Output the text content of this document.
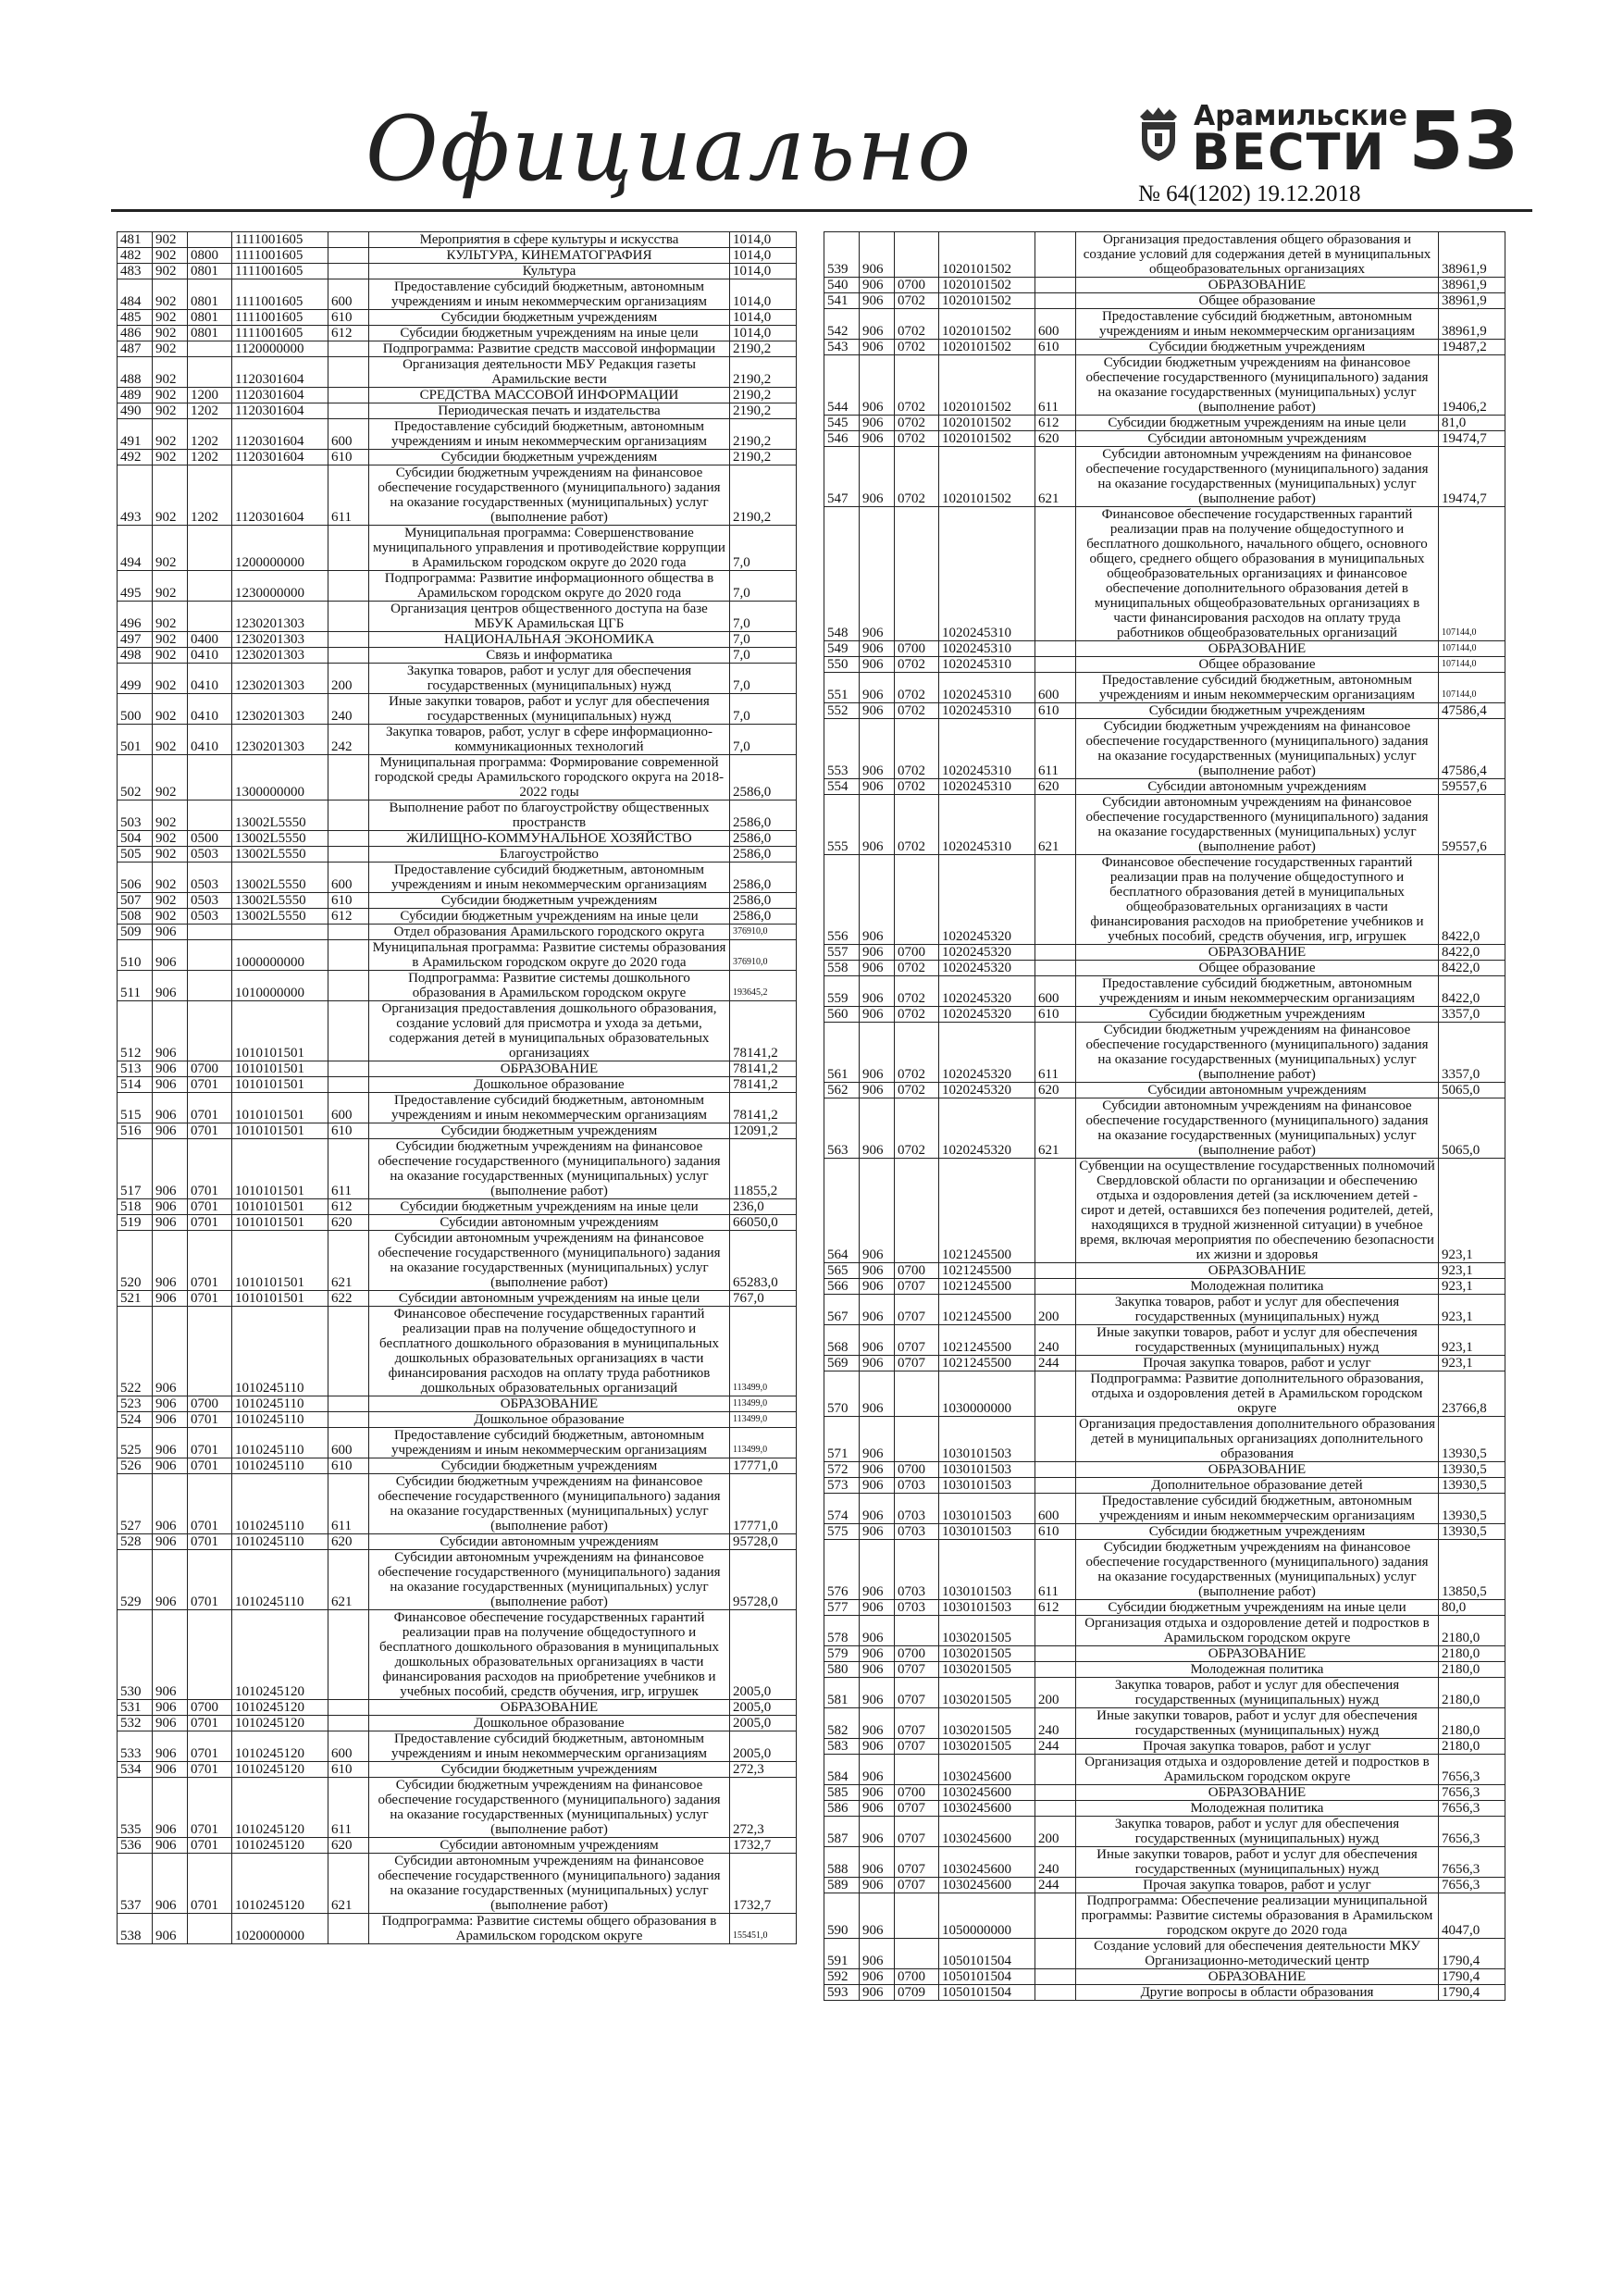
Официально	Арамильские
ВЕСТИ
№ 64(1202) 19.12.2018
53
481	902		1111001605		Мероприятия в сфере культуры и искусства	1014,0
482	902	0800	1111001605		КУЛЬТУРА, КИНЕМАТОГРАФИЯ	1014,0
483	902	0801	1111001605		Культура	1014,0
484	902	0801	1111001605	600	Предоставление субсидий бюджетным, автономным учреждениям и иным некоммерческим организациям	1014,0
485	902	0801	1111001605	610	Субсидии бюджетным учреждениям	1014,0
486	902	0801	1111001605	612	Субсидии бюджетным учреждениям на иные цели	1014,0
487	902		1120000000		Подпрограмма: Развитие средств массовой информации	2190,2
488	902		1120301604		Организация деятельности МБУ Редакция газеты Арамильские вести	2190,2
489	902	1200	1120301604		СРЕДСТВА МАССОВОЙ ИНФОРМАЦИИ	2190,2
490	902	1202	1120301604		Периодическая печать и издательства	2190,2
491	902	1202	1120301604	600	Предоставление субсидий бюджетным, автономным учреждениям и иным некоммерческим организациям	2190,2
492	902	1202	1120301604	610	Субсидии бюджетным учреждениям	2190,2
493	902	1202	1120301604	611	Субсидии бюджетным учреждениям на финансовое обеспечение государственного (муниципального) задания на оказание государственных (муниципальных) услуг (выполнение работ)	2190,2
494	902		1200000000		Муниципальная программа: Совершенствование муниципального управления и противодействие коррупции в Арамильском городском округе до 2020 года	7,0
495	902		1230000000		Подпрограмма: Развитие информационного общества в Арамильском городском округе до 2020 года	7,0
496	902		1230201303		Организация центров общественного доступа на базе МБУК Арамильская ЦГБ	7,0
497	902	0400	1230201303		НАЦИОНАЛЬНАЯ ЭКОНОМИКА	7,0
498	902	0410	1230201303		Связь и информатика	7,0
499	902	0410	1230201303	200	Закупка товаров, работ и услуг для обеспечения государственных (муниципальных) нужд	7,0
500	902	0410	1230201303	240	Иные закупки товаров, работ и услуг для обеспечения государственных (муниципальных) нужд	7,0
501	902	0410	1230201303	242	Закупка товаров, работ, услуг в сфере информационно-коммуникационных технологий	7,0
502	902		1300000000		Муниципальная программа: Формирование современной городской среды Арамильского городского округа на 2018-2022 годы	2586,0
503	902		13002L5550		Выполнение работ по благоустройству общественных пространств	2586,0
504	902	0500	13002L5550		ЖИЛИЩНО-КОММУНАЛЬНОЕ ХОЗЯЙСТВО	2586,0
505	902	0503	13002L5550		Благоустройство	2586,0
506	902	0503	13002L5550	600	Предоставление субсидий бюджетным, автономным учреждениям и иным некоммерческим организациям	2586,0
507	902	0503	13002L5550	610	Субсидии бюджетным учреждениям	2586,0
508	902	0503	13002L5550	612	Субсидии бюджетным учреждениям на иные цели	2586,0
509	906				Отдел образования Арамильского городского округа	376910,0
510	906		1000000000		Муниципальная программа: Развитие системы образования в Арамильском городском округе до 2020 года	376910,0
511	906		1010000000		Подпрограмма: Развитие системы дошкольного образования в Арамильском городском округе	193645,2
512	906		1010101501		Организация предоставления дошкольного образования, создание условий для присмотра и ухода за детьми, содержания детей в муниципальных образовательных организациях	78141,2
513	906	0700	1010101501		ОБРАЗОВАНИЕ	78141,2
514	906	0701	1010101501		Дошкольное образование	78141,2
515	906	0701	1010101501	600	Предоставление субсидий бюджетным, автономным учреждениям и иным некоммерческим организациям	78141,2
516	906	0701	1010101501	610	Субсидии бюджетным учреждениям	12091,2
517	906	0701	1010101501	611	Субсидии бюджетным учреждениям на финансовое обеспечение государственного (муниципального) задания на оказание государственных (муниципальных) услуг (выполнение работ)	11855,2
518	906	0701	1010101501	612	Субсидии бюджетным учреждениям на иные цели	236,0
519	906	0701	1010101501	620	Субсидии автономным учреждениям	66050,0
520	906	0701	1010101501	621	Субсидии автономным учреждениям на финансовое обеспечение государственного (муниципального) задания на оказание государственных (муниципальных) услуг (выполнение работ)	65283,0
521	906	0701	1010101501	622	Субсидии автономным учреждениям на иные цели	767,0
522	906		1010245110		Финансовое обеспечение государственных гарантий реализации прав на получение общедоступного и бесплатного дошкольного образования в муниципальных дошкольных образовательных организациях в части финансирования расходов на оплату труда работников дошкольных образовательных организаций	113499,0
523	906	0700	1010245110		ОБРАЗОВАНИЕ	113499,0
524	906	0701	1010245110		Дошкольное образование	113499,0
525	906	0701	1010245110	600	Предоставление субсидий бюджетным, автономным учреждениям и иным некоммерческим организациям	113499,0
526	906	0701	1010245110	610	Субсидии бюджетным учреждениям	17771,0
527	906	0701	1010245110	611	Субсидии бюджетным учреждениям на финансовое обеспечение государственного (муниципального) задания на оказание государственных (муниципальных) услуг (выполнение работ)	17771,0
528	906	0701	1010245110	620	Субсидии автономным учреждениям	95728,0
529	906	0701	1010245110	621	Субсидии автономным учреждениям на финансовое обеспечение государственного (муниципального) задания на оказание государственных (муниципальных) услуг (выполнение работ)	95728,0
530	906		1010245120		Финансовое обеспечение государственных гарантий реализации прав на получение общедоступного и бесплатного дошкольного образования в муниципальных дошкольных образовательных организациях в части финансирования расходов на приобретение учебников и учебных пособий, средств обучения, игр, игрушек	2005,0
531	906	0700	1010245120		ОБРАЗОВАНИЕ	2005,0
532	906	0701	1010245120		Дошкольное образование	2005,0
533	906	0701	1010245120	600	Предоставление субсидий бюджетным, автономным учреждениям и иным некоммерческим организациям	2005,0
534	906	0701	1010245120	610	Субсидии бюджетным учреждениям	272,3
535	906	0701	1010245120	611	Субсидии бюджетным учреждениям на финансовое обеспечение государственного (муниципального) задания на оказание государственных (муниципальных) услуг (выполнение работ)	272,3
536	906	0701	1010245120	620	Субсидии автономным учреждениям	1732,7
537	906	0701	1010245120	621	Субсидии автономным учреждениям на финансовое обеспечение государственного (муниципального) задания на оказание государственных (муниципальных) услуг (выполнение работ)	1732,7
538	906		1020000000		Подпрограмма: Развитие системы общего образования в Арамильском городском округе	155451,0
539	906		1020101502		Организация предоставления общего образования и создание условий для содержания детей в муниципальных общеобразовательных организациях	38961,9
540	906	0700	1020101502		ОБРАЗОВАНИЕ	38961,9
541	906	0702	1020101502		Общее образование	38961,9
542	906	0702	1020101502	600	Предоставление субсидий бюджетным, автономным учреждениям и иным некоммерческим организациям	38961,9
543	906	0702	1020101502	610	Субсидии бюджетным учреждениям	19487,2
544	906	0702	1020101502	611	Субсидии бюджетным учреждениям на финансовое обеспечение государственного (муниципального) задания на оказание государственных (муниципальных) услуг (выполнение работ)	19406,2
545	906	0702	1020101502	612	Субсидии бюджетным учреждениям на иные цели	81,0
546	906	0702	1020101502	620	Субсидии автономным учреждениям	19474,7
547	906	0702	1020101502	621	Субсидии автономным учреждениям на финансовое обеспечение государственного (муниципального) задания на оказание государственных (муниципальных) услуг (выполнение работ)	19474,7
548	906		1020245310		Финансовое обеспечение государственных гарантий реализации прав на получение общедоступного и бесплатного дошкольного, начального общего, основного общего, среднего общего образования в муниципальных общеобразовательных организациях и финансовое обеспечение дополнительного образования детей в муниципальных общеобразовательных организациях в части финансирования расходов на оплату труда работников общеобразовательных организаций	107144,0
549	906	0700	1020245310		ОБРАЗОВАНИЕ	107144,0
550	906	0702	1020245310		Общее образование	107144,0
551	906	0702	1020245310	600	Предоставление субсидий бюджетным, автономным учреждениям и иным некоммерческим организациям	107144,0
552	906	0702	1020245310	610	Субсидии бюджетным учреждениям	47586,4
553	906	0702	1020245310	611	Субсидии бюджетным учреждениям на финансовое обеспечение государственного (муниципального) задания на оказание государственных (муниципальных) услуг (выполнение работ)	47586,4
554	906	0702	1020245310	620	Субсидии автономным учреждениям	59557,6
555	906	0702	1020245310	621	Субсидии автономным учреждениям на финансовое обеспечение государственного (муниципального) задания на оказание государственных (муниципальных) услуг (выполнение работ)	59557,6
556	906		1020245320		Финансовое обеспечение государственных гарантий реализации прав на получение общедоступного и бесплатного образования детей в муниципальных общеобразовательных организациях в части финансирования расходов на приобретение учебников и учебных пособий, средств обучения, игр, игрушек	8422,0
557	906	0700	1020245320		ОБРАЗОВАНИЕ	8422,0
558	906	0702	1020245320		Общее образование	8422,0
559	906	0702	1020245320	600	Предоставление субсидий бюджетным, автономным учреждениям и иным некоммерческим организациям	8422,0
560	906	0702	1020245320	610	Субсидии бюджетным учреждениям	3357,0
561	906	0702	1020245320	611	Субсидии бюджетным учреждениям на финансовое обеспечение государственного (муниципального) задания на оказание государственных (муниципальных) услуг (выполнение работ)	3357,0
562	906	0702	1020245320	620	Субсидии автономным учреждениям	5065,0
563	906	0702	1020245320	621	Субсидии автономным учреждениям на финансовое обеспечение государственного (муниципального) задания на оказание государственных (муниципальных) услуг (выполнение работ)	5065,0
564	906		1021245500		Субвенции на осуществление государственных полномочий Свердловской области по организации и обеспечению отдыха и оздоровления детей (за исключением детей - сирот и детей, оставшихся без попечения родителей, детей, находящихся в трудной жизненной ситуации) в учебное время, включая мероприятия по обеспечению безопасности их жизни и здоровья	923,1
565	906	0700	1021245500		ОБРАЗОВАНИЕ	923,1
566	906	0707	1021245500		Молодежная политика	923,1
567	906	0707	1021245500	200	Закупка товаров, работ и услуг для обеспечения государственных (муниципальных) нужд	923,1
568	906	0707	1021245500	240	Иные закупки товаров, работ и услуг для обеспечения государственных (муниципальных) нужд	923,1
569	906	0707	1021245500	244	Прочая закупка товаров, работ и услуг	923,1
570	906		1030000000		Подпрограмма: Развитие дополнительного образования, отдыха и оздоровления детей в Арамильском городском округе	23766,8
571	906		1030101503		Организация предоставления дополнительного образования детей в муниципальных организациях дополнительного образования	13930,5
572	906	0700	1030101503		ОБРАЗОВАНИЕ	13930,5
573	906	0703	1030101503		Дополнительное образование детей	13930,5
574	906	0703	1030101503	600	Предоставление субсидий бюджетным, автономным учреждениям и иным некоммерческим организациям	13930,5
575	906	0703	1030101503	610	Субсидии бюджетным учреждениям	13930,5
576	906	0703	1030101503	611	Субсидии бюджетным учреждениям на финансовое обеспечение государственного (муниципального) задания на оказание государственных (муниципальных) услуг (выполнение работ)	13850,5
577	906	0703	1030101503	612	Субсидии бюджетным учреждениям на иные цели	80,0
578	906		1030201505		Организация отдыха и оздоровление детей и подростков в Арамильском городском округе	2180,0
579	906	0700	1030201505		ОБРАЗОВАНИЕ	2180,0
580	906	0707	1030201505		Молодежная политика	2180,0
581	906	0707	1030201505	200	Закупка товаров, работ и услуг для обеспечения государственных (муниципальных) нужд	2180,0
582	906	0707	1030201505	240	Иные закупки товаров, работ и услуг для обеспечения государственных (муниципальных) нужд	2180,0
583	906	0707	1030201505	244	Прочая закупка товаров, работ и услуг	2180,0
584	906		1030245600		Организация отдыха и оздоровление детей и подростков в Арамильском городском округе	7656,3
585	906	0700	1030245600		ОБРАЗОВАНИЕ	7656,3
586	906	0707	1030245600		Молодежная политика	7656,3
587	906	0707	1030245600	200	Закупка товаров, работ и услуг для обеспечения государственных (муниципальных) нужд	7656,3
588	906	0707	1030245600	240	Иные закупки товаров, работ и услуг для обеспечения государственных (муниципальных) нужд	7656,3
589	906	0707	1030245600	244	Прочая закупка товаров, работ и услуг	7656,3
590	906		1050000000		Подпрограмма: Обеспечение реализации муниципальной программы: Развитие системы образования в Арамильском городском округе до 2020 года	4047,0
591	906		1050101504		Создание условий для обеспечения деятельности МКУ Организационно-методический центр	1790,4
592	906	0700	1050101504		ОБРАЗОВАНИЕ	1790,4
593	906	0709	1050101504		Другие вопросы в области образования	1790,4
